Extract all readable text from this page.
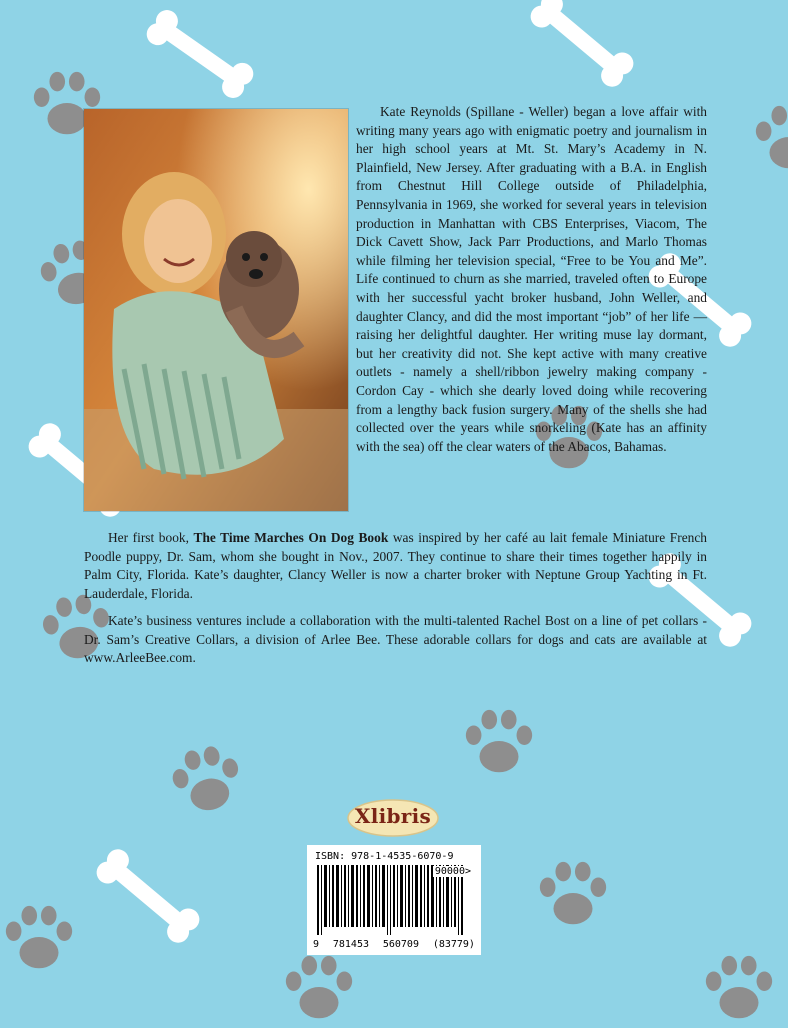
Kate Reynolds (Spillane - Weller) began a love affair with writing many years ago with enigmatic poetry and journalism in her high school years at Mt. St. Mary’s Academy in N. Plainfield, New Jersey. After graduating with a B.A. in English from Chestnut Hill College outside of Philadelphia, Pennsylvania in 1969, she worked for several years in television production in Manhattan with CBS Enterprises, Viacom, The Dick Cavett Show, Jack Parr Productions, and Marlo Thomas while filming her television special, “Free to be You and Me”. Life continued to churn as she married, traveled often to Europe with her successful yacht broker husband, John Weller, and daughter Clancy, and did the most important “job” of her life — raising her delightful daughter. Her writing muse lay dormant, but her creativity did not. She kept active with many creative outlets - namely a shell/ribbon jewelry making company - Cordon Cay - which she dearly loved doing while recovering from a lengthy back fusion surgery. Many of the shells she had collected over the years while snorkeling (Kate has an affinity with the sea) off the clear waters of the Abacos, Bahamas.

Her first book, The Time Marches On Dog Book was inspired by her café au lait female Miniature French Poodle puppy, Dr. Sam, whom she bought in Nov., 2007. They continue to share their times together happily in Palm City, Florida. Kate’s daughter, Clancy Weller is now a charter broker with Neptune Group Yachting in Ft. Lauderdale, Florida.

Kate’s business ventures include a collaboration with the multi-talented Rachel Bost on a line of pet collars - Dr. Sam’s Creative Collars, a division of Arlee Bee. These adorable collars for dogs and cats are available at www.ArleeBee.com.

Xlibris
ISBN: 978-1-4535-6070-9
90000>
9 781453 560709 (83779)
